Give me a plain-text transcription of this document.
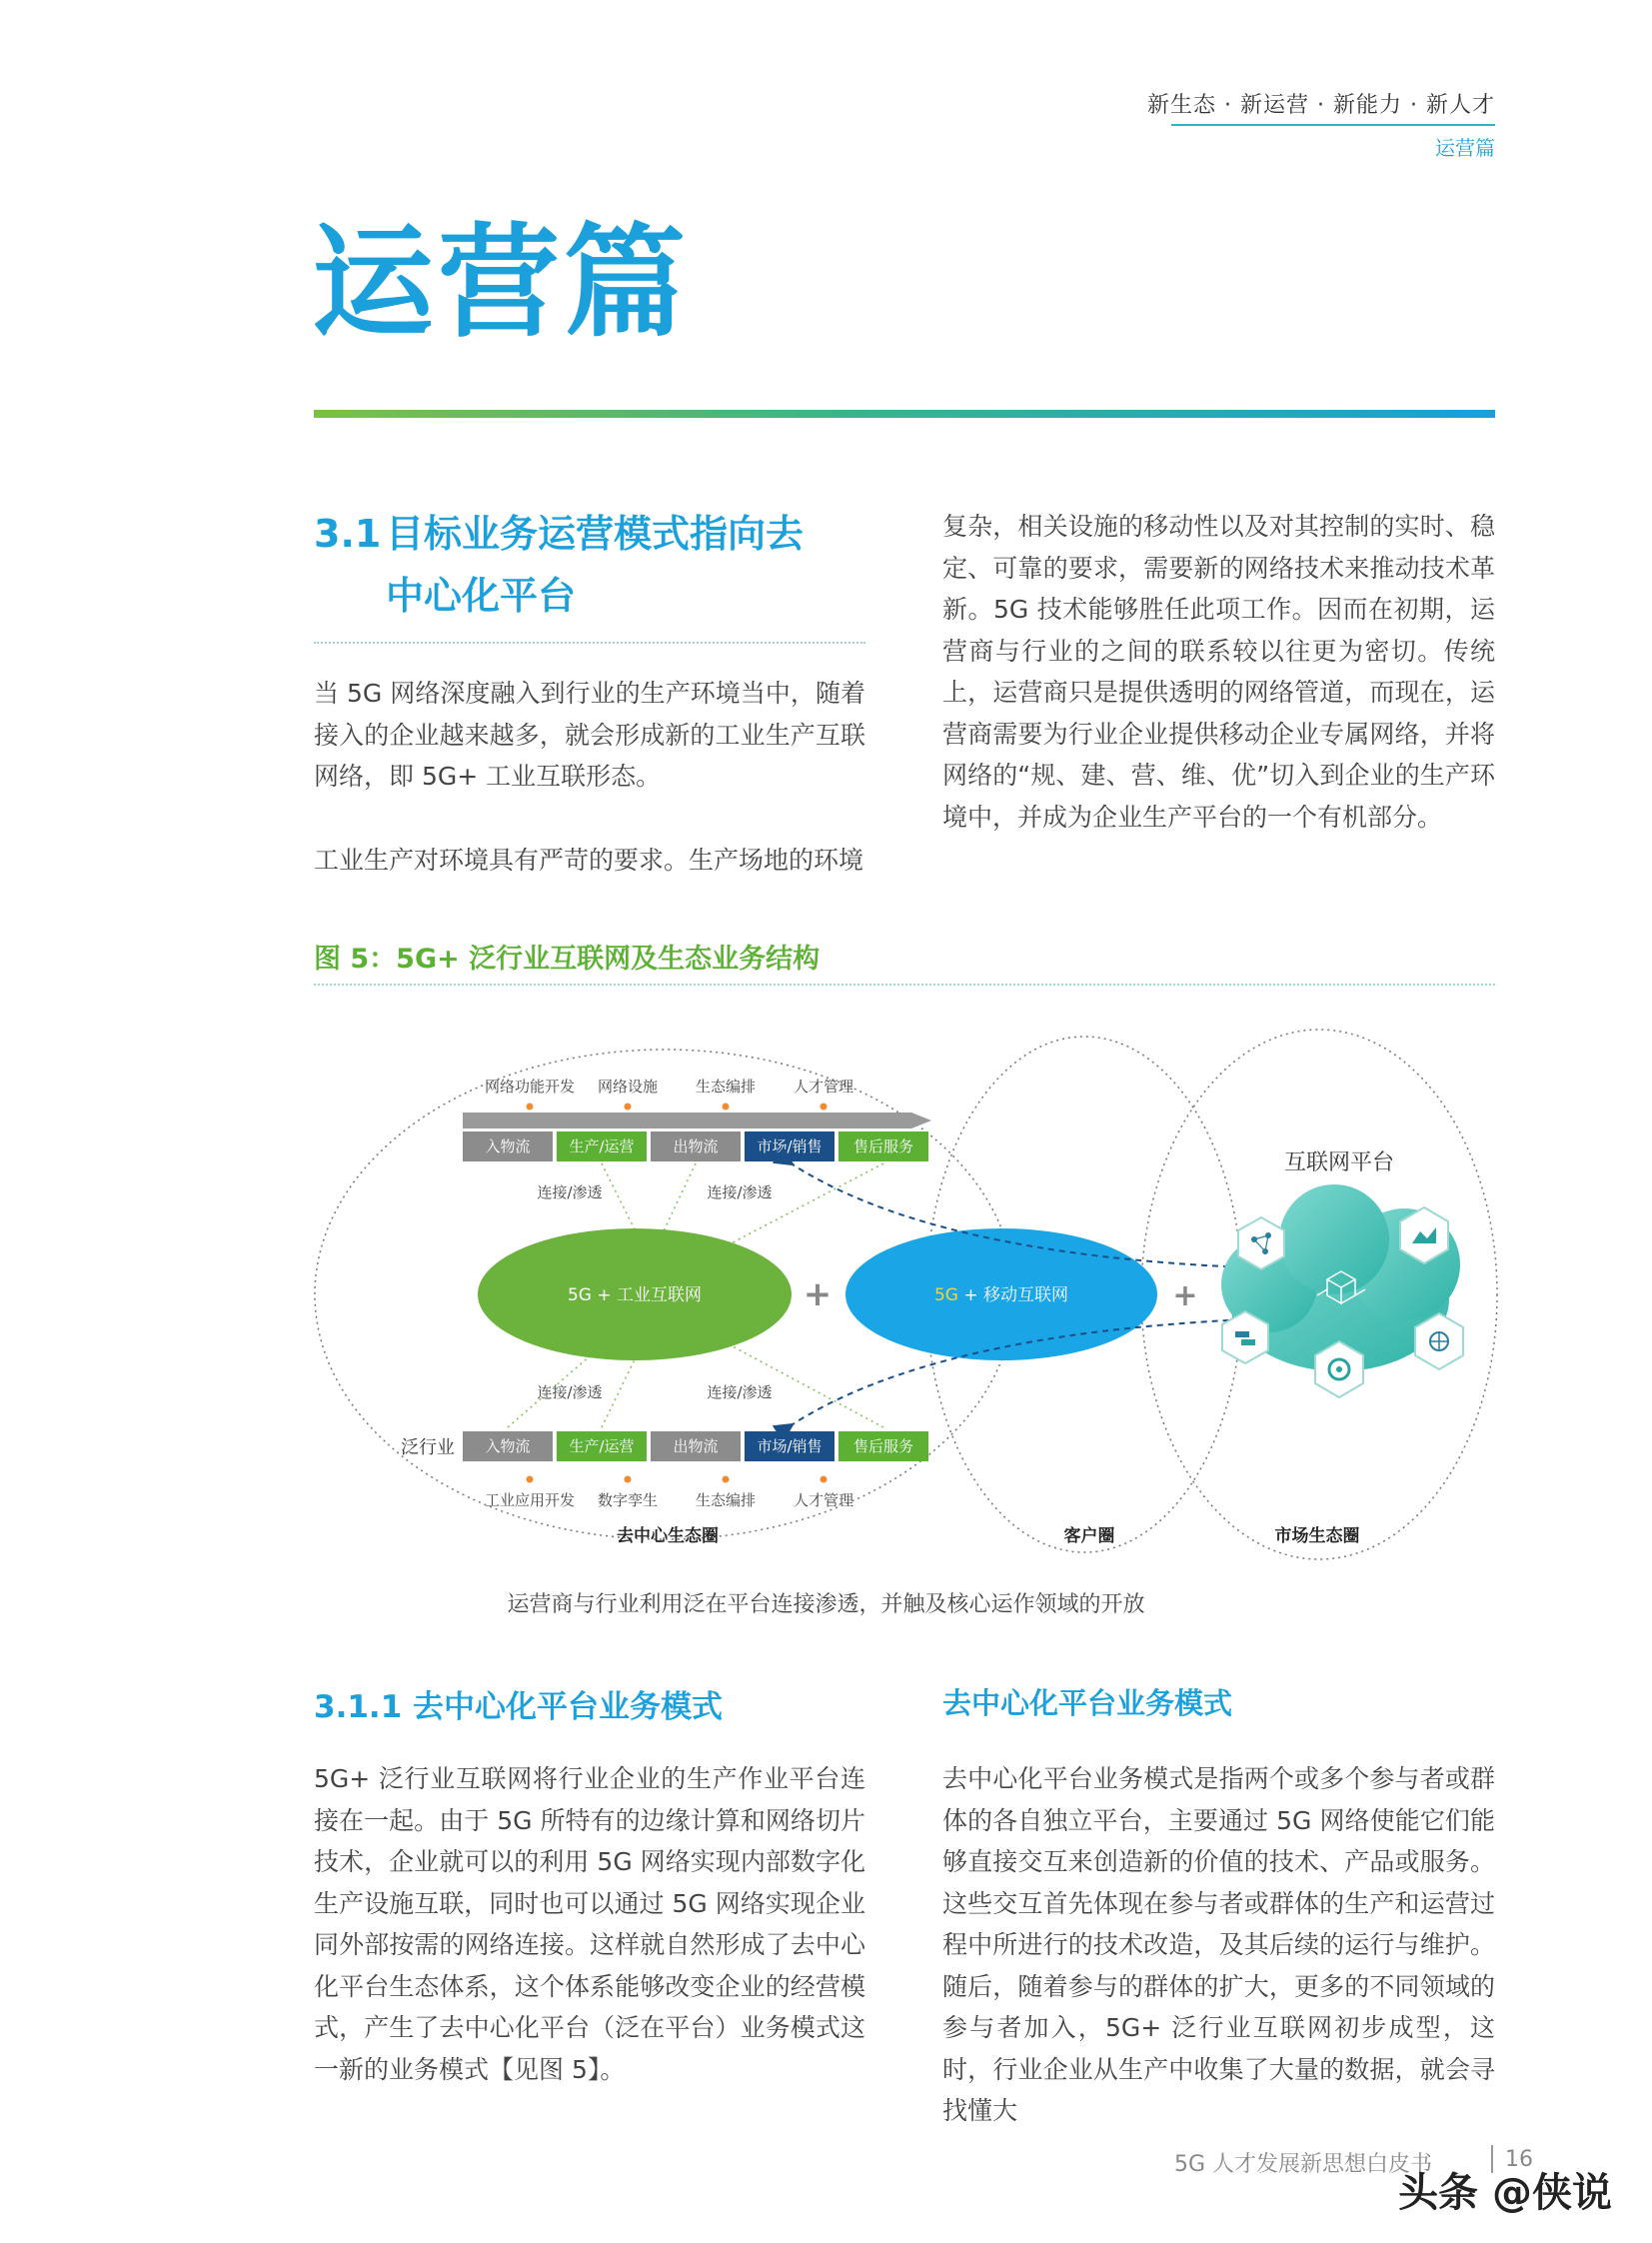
新生态 · 新运营 · 新能力 · 新人才
运营篇
运营篇
3.1 目标业务运营模式指向去
中心化平台

当 5G 网络深度融入到行业的生产环境当中，随着接入的企业越来越多，就会形成新的工业生产互联网络，即 5G+ 工业互联形态。

工业生产对环境具有严苛的要求。生产场地的环境

复杂，相关设施的移动性以及对其控制的实时、稳定、可靠的要求，需要新的网络技术来推动技术革新。5G 技术能够胜任此项工作。因而在初期，运营商与行业的之间的联系较以往更为密切。传统上，运营商只是提供透明的网络管道，而现在，运营商需要为行业企业提供移动企业专属网络，并将网络的“规、建、营、维、优”切入到企业的生产环境中，并成为企业生产平台的一个有机部分。

图 5：5G+ 泛行业互联网及生态业务结构
网络功能开发 网络设施	生态编排	人才管理
入物流	生产/运营	出物流	市场/销售 售后服务
连接/渗透	连接/渗透
5G + 工业互联网	+	5G + 移动互联网	+
互联网平台
连接/渗透	连接/渗透
泛行业 入物流	生产/运营	出物流	市场/销售 售后服务
工业应用开发 数字孪生	生态编排	人才管理
去中心生态圈	客户圈	市场生态圈
运营商与行业利用泛在平台连接渗透，并触及核心运作领域的开放
3.1.1 去中心化平台业务模式	去中心化平台业务模式

5G+ 泛行业互联网将行业企业的生产作业平台连接在一起。由于 5G 所特有的边缘计算和网络切片技术，企业就可以的利用 5G 网络实现内部数字化生产设施互联，同时也可以通过 5G 网络实现企业同外部按需的网络连接。这样就自然形成了去中心化平台生态体系，这个体系能够改变企业的经营模式，产生了去中心化平台（泛在平台）业务模式这一新的业务模式【见图 5】。

去中心化平台业务模式是指两个或多个参与者或群体的各自独立平台，主要通过 5G 网络使能它们能够直接交互来创造新的价值的技术、产品或服务。这些交互首先体现在参与者或群体的生产和运营过程中所进行的技术改造，及其后续的运行与维护。随后，随着参与的群体的扩大，更多的不同领域的参与者加入，5G+ 泛行业互联网初步成型，这时，行业企业从生产中收集了大量的数据，就会寻找懂大

5G 人才发展新思想白皮书	16
头条 @侠说
